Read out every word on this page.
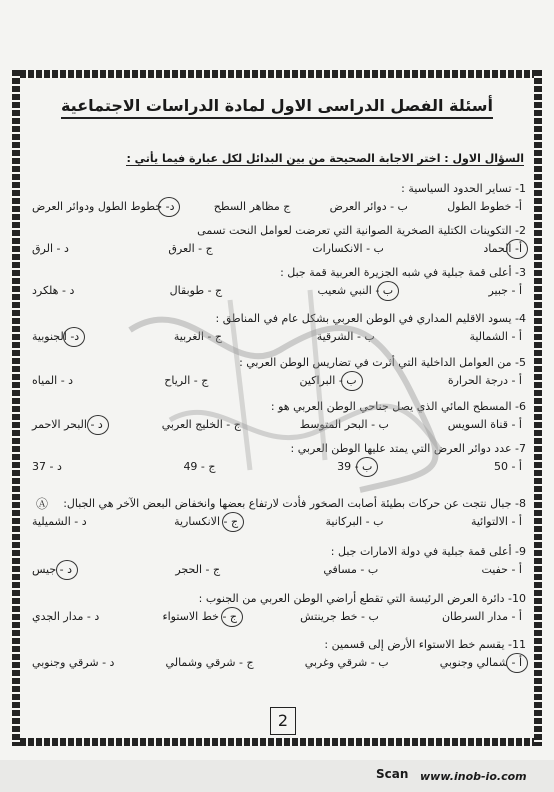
أسئلة الفصل الدراسى الاول لمادة الدراسات الاجتماعية
السؤال الاول : اختر الاجابة الصحيحة من بين البدائل لكل عبارة فيما يأتي :
1- تساير الحدود السياسية :
أ- خطوط الطول
ب - دوائر العرض
ج مظاهر السطح
د- خطوط الطول ودوائر العرض
2- التكوينات الكتلية الصخرية الصوانية التي تعرضت لعوامل النحت تسمى
أ- الحماد
ب - الانكسارات
ج - العرق
د - الرق
3- أعلى قمة جبلية في شبه الجزيرة العربية قمة جبل :
أ - جبير
ب - النبي شعيب
ج - طوبقال
د - هلكرد
4- يسود الاقليم المداري في الوطن العربي بشكل عام في المناطق :
أ - الشمالية
ب - الشرقية
ج - الغربية
د- الجنوبية
5- من العوامل الداخلية التي أثرت في تضاريس الوطن العربي :
أ - درجة الحرارة
ب - البراكين
ج - الرياح
د - المياه
6- المسطح المائي الذي يصل جناحي الوطن العربي هو :
أ - قناة السويس
ب - البحر المتوسط
ج - الخليج العربي
د - البحر الاحمر
7- عدد دوائر العرض التي يمتد عليها الوطن العربي :
أ - 50
ب - 39
ج - 49
د - 37
8- جبال نتجت عن حركات بطيئة أصابت الصخور فأدت لارتفاع بعضها وانخفاض البعض الآخر هي الجبال:
أ - الالتوائية
ب - البركانية
ج - الانكسارية
د - الشميلية
9- أعلى قمة جبلية في دولة الامارات جبل :
أ - حفيت
ب - مسافي
ج - الحجر
د - جيس
10- دائرة العرض الرئيسة التي تقطع أراضي الوطن العربي من الجنوب :
أ - مدار السرطان
ب - خط جرينتش
ج - خط الاستواء
د - مدار الجدي
11- يقسم خط الاستواء الأرض إلى قسمين :
أ - شمالي وجنوبي
ب - شرقي وغربي
ج - شرقي وشمالي
د - شرقي وجنوبي
Ⓐ
2
Scan www.inob-io.com
